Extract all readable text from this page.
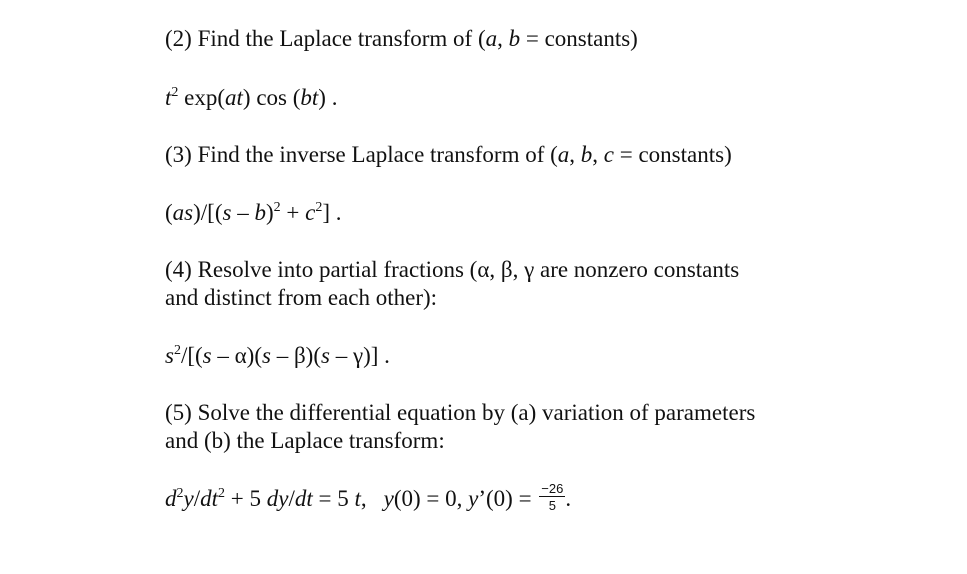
(2) Find the Laplace transform of (a, b = constants)
$t^2$ exp(at) cos (bt) .
(3) Find the inverse Laplace transform of (a, b, c = constants)
$(as)/[(s - b)^2 + c^2]$ .
(4) Resolve into partial fractions (α, β, γ are nonzero constants
and distinct from each other):
$s^2/[(s - \alpha)(s - \beta)(s - \gamma)]$ .
(5) Solve the differential equation by (a) variation of parameters
and (b) the Laplace transform:
$d^2y/dt^2 + 5$ dy/dt = 5 t, y(0) = 0, y’(0) = $\frac{-26}{5}$ .
